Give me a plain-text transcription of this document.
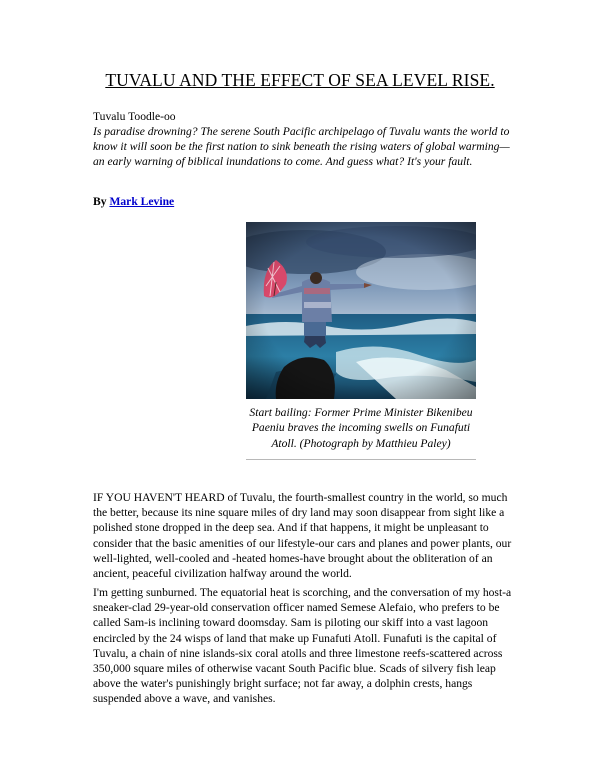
TUVALU AND THE EFFECT OF SEA LEVEL RISE.
Tuvalu Toodle-oo
Is paradise drowning? The serene South Pacific archipelago of Tuvalu wants the world to know it will soon be the first nation to sink beneath the rising waters of global warming—an early warning of biblical inundations to come. And guess what? It's your fault.
By Mark Levine
Start bailing: Former Prime Minister Bikenibeu Paeniu braves the incoming swells on Funafuti Atoll. (Photograph by Matthieu Paley)

IF YOU HAVEN'T HEARD of Tuvalu, the fourth-smallest country in the world, so much the better, because its nine square miles of dry land may soon disappear from sight like a polished stone dropped in the deep sea. And if that happens, it might be unpleasant to consider that the basic amenities of our lifestyle-our cars and planes and power plants, our well-lighted, well-cooled and -heated homes-have brought about the obliteration of an ancient, peaceful civilization halfway around the world.

I'm getting sunburned. The equatorial heat is scorching, and the conversation of my host-a sneaker-clad 29-year-old conservation officer named Semese Alefaio, who prefers to be called Sam-is inclining toward doomsday. Sam is piloting our skiff into a vast lagoon encircled by the 24 wisps of land that make up Funafuti Atoll. Funafuti is the capital of Tuvalu, a chain of nine islands-six coral atolls and three limestone reefs-scattered across 350,000 square miles of otherwise vacant South Pacific blue. Scads of silvery fish leap above the water's punishingly bright surface; not far away, a dolphin crests, hangs suspended above a wave, and vanishes.
